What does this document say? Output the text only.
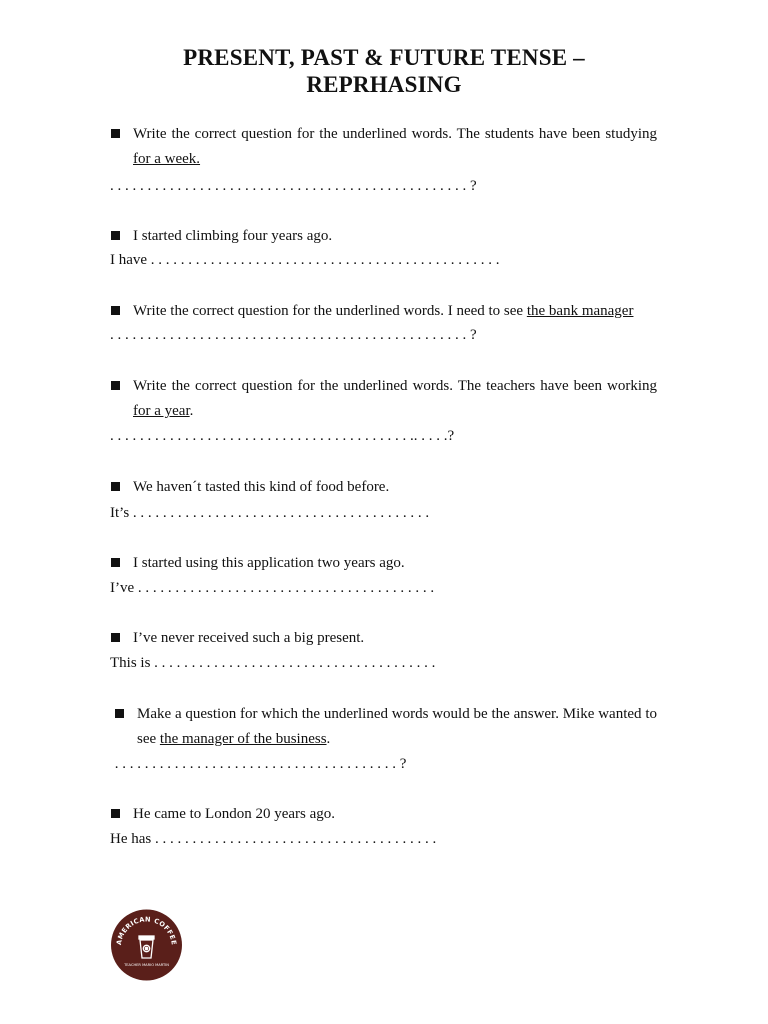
PRESENT, PAST & FUTURE TENSE –
REPRHASING

Write the correct question for the underlined words. The students have been studying for a week.

. . . . . . . . . . . . . . . . . . . . . . . . . . . . . . . . . . . . . . . . . . . . . . . . ?

I started climbing four years ago.

I have . . . . . . . . . . . . . . . . . . . . . . . . . . . . . . . . . . . . . . . . . . . . . . .

Write the correct question for the underlined words. I need to see the bank manager

. . . . . . . . . . . . . . . . . . . . . . . . . . . . . . . . . . . . . . . . . . . . . . . . ?

Write the correct question for the underlined words. The teachers have been working for a year.

. . . . . . . . . . . . . . . . . . . . . . . . . . . . . . . . . . . . . . . . .. . . . .?

We haven´t tasted this kind of food before.

It’s . . . . . . . . . . . . . . . . . . . . . . . . . . . . . . . . . . . . . . . .

I started using this application two years ago.

I’ve . . . . . . . . . . . . . . . . . . . . . . . . . . . . . . . . . . . . . . . .

I’ve never received such a big present.

This is . . . . . . . . . . . . . . . . . . . . . . . . . . . . . . . . . . . . . .

Make a question for which the underlined words would be the answer. Mike wanted to see the manager of the business.

. . . . . . . . . . . . . . . . . . . . . . . . . . . . . . . . . . . . . . ?

He came to London 20 years ago.

He has . . . . . . . . . . . . . . . . . . . . . . . . . . . . . . . . . . . . . .
AMERICAN COFFEE
TEACHER MARIO MARTIN
